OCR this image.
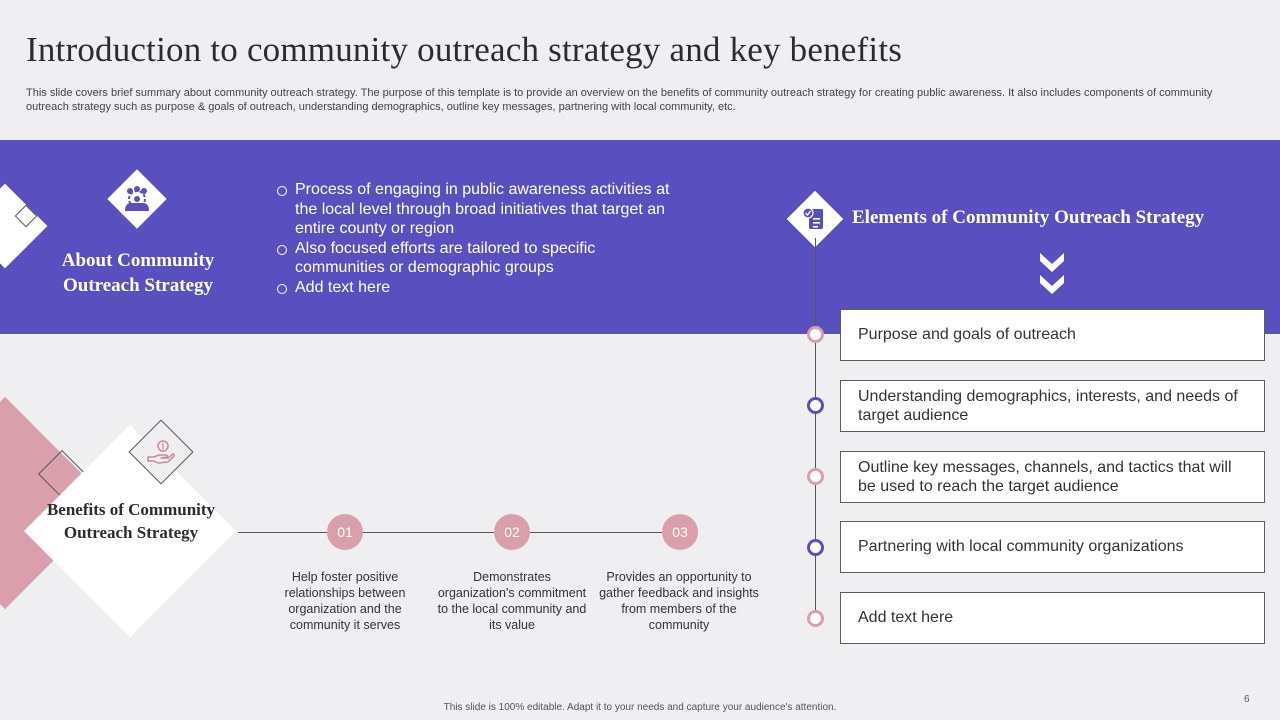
Introduction to community outreach strategy and key benefits
This slide covers brief summary about community outreach strategy. The purpose of this template is to provide an overview on the benefits of community outreach strategy for creating public awareness. It also includes components of community outreach strategy such as purpose & goals of outreach, understanding demographics, outline key messages, partnering with local community, etc.
About Community Outreach Strategy
Process of engaging in public awareness activities at the local level through broad initiatives that target an entire county or region
Also focused efforts are tailored to specific communities or demographic groups
Add text here
Elements of Community Outreach Strategy
Purpose and goals of outreach
Understanding demographics, interests, and needs of target audience
Outline key messages, channels, and tactics that will be used to reach the target audience
Partnering with local community organizations
Add text here
Benefits of Community Outreach Strategy	01	02	03
Help foster positive relationships between organization and the community it serves
Demonstrates organization's commitment to the local community and its value
Provides an opportunity to gather feedback and insights from members of the community
This slide is 100% editable. Adapt it to your needs and capture your audience's attention.
6
